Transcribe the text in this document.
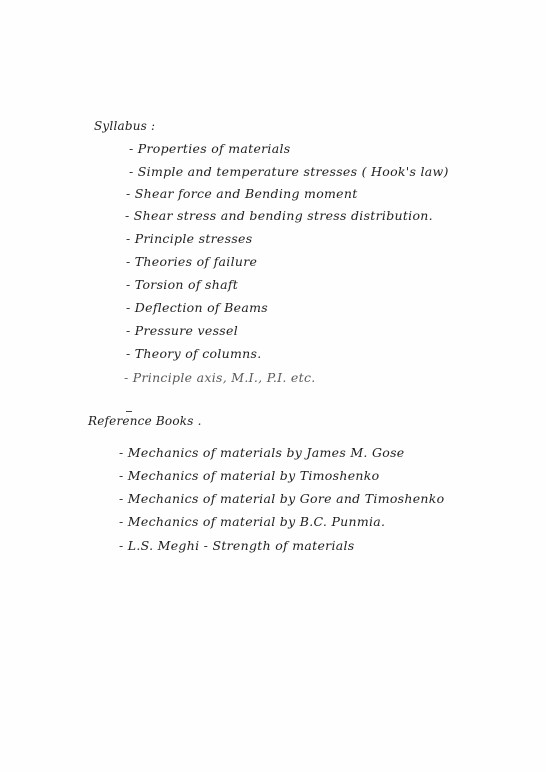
Syllabus :
- Properties of materials
- Simple and temperature stresses ( Hook's law)
- Shear force and Bending moment
- Shear stress and bending stress distribution.
- Principle stresses
- Theories of failure
- Torsion of shaft
- Deflection of Beams
- Pressure vessel
- Theory of columns.
- Principle axis, M.I., P.I. etc.
Reference Books .
- Mechanics of materials by James M. Gose
- Mechanics of material by Timoshenko
- Mechanics of material by Gore and Timoshenko
- Mechanics of material by B.C. Punmia.
- L.S. Meghi - Strength of materials
